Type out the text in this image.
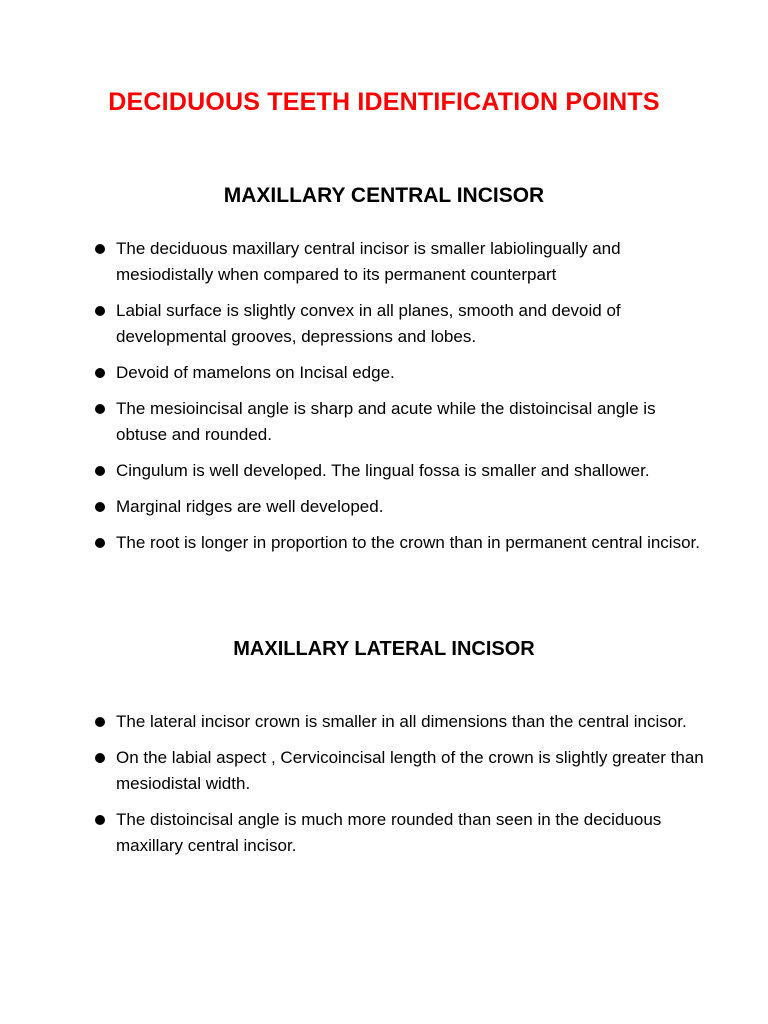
DECIDUOUS TEETH IDENTIFICATION POINTS
MAXILLARY CENTRAL INCISOR
The deciduous maxillary central incisor is smaller labiolingually and mesiodistally when compared to its permanent counterpart
Labial surface is slightly convex in all planes, smooth and devoid of developmental grooves, depressions and lobes.
Devoid of mamelons on Incisal edge.
The mesioincisal angle is sharp and acute while the distoincisal angle is obtuse and rounded.
Cingulum is well developed. The lingual fossa is smaller and shallower.
Marginal ridges are well developed.
The root is longer in proportion to the crown than in permanent central incisor.
MAXILLARY LATERAL INCISOR
The lateral incisor crown is smaller in all dimensions than the central incisor.
On the labial aspect , Cervicoincisal length of the crown is slightly greater than mesiodistal width.
The distoincisal angle is much more rounded than seen in the deciduous maxillary central incisor.
